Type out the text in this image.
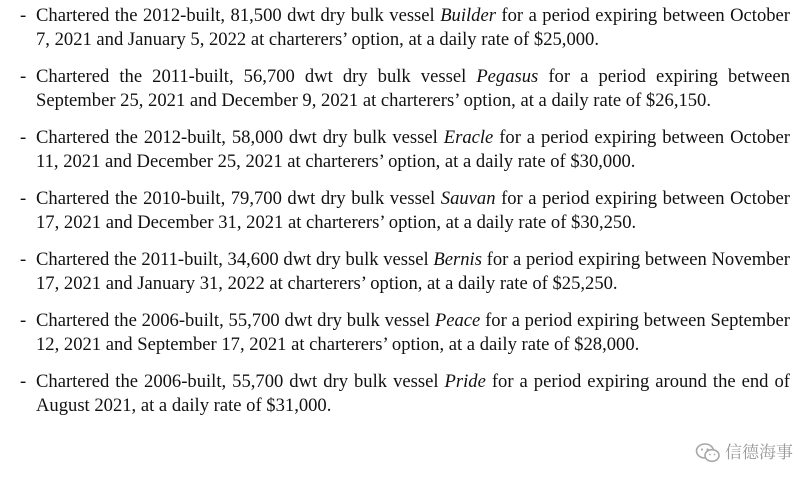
- Chartered the 2012-built, 81,500 dwt dry bulk vessel Builder for a period expiring between October 7, 2021 and January 5, 2022 at charterers’ option, at a daily rate of $25,000.
- Chartered the 2011-built, 56,700 dwt dry bulk vessel Pegasus for a period expiring between September 25, 2021 and December 9, 2021 at charterers’ option, at a daily rate of $26,150.
- Chartered the 2012-built, 58,000 dwt dry bulk vessel Eracle for a period expiring between October 11, 2021 and December 25, 2021 at charterers’ option, at a daily rate of $30,000.
- Chartered the 2010-built, 79,700 dwt dry bulk vessel Sauvan for a period expiring between October 17, 2021 and December 31, 2021 at charterers’ option, at a daily rate of $30,250.
- Chartered the 2011-built, 34,600 dwt dry bulk vessel Bernis for a period expiring between November 17, 2021 and January 31, 2022 at charterers’ option, at a daily rate of $25,250.
- Chartered the 2006-built, 55,700 dwt dry bulk vessel Peace for a period expiring between September 12, 2021 and September 17, 2021 at charterers’ option, at a daily rate of $28,000.
- Chartered the 2006-built, 55,700 dwt dry bulk vessel Pride for a period expiring around the end of August 2021, at a daily rate of $31,000.
信德海事
